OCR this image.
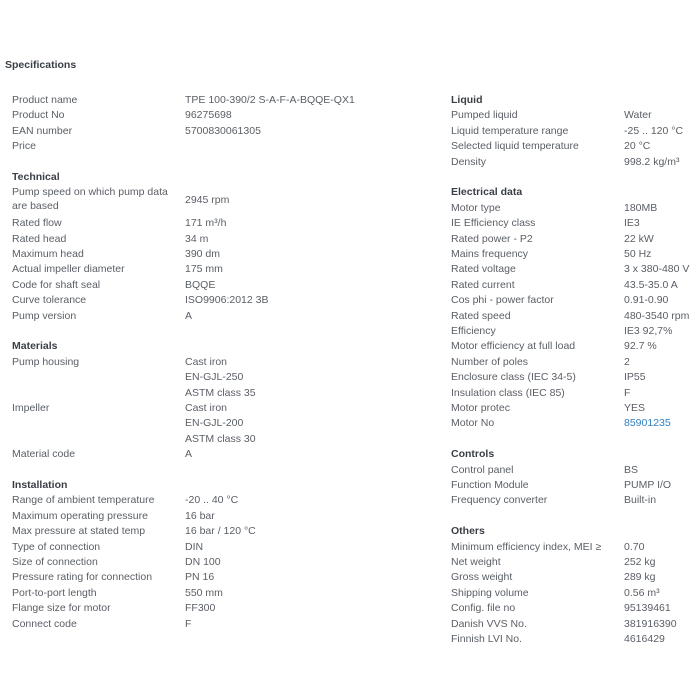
Specifications
Product name	TPE 100-390/2 S-A-F-A-BQQE-QX1
Product No	96275698
EAN number	5700830061305
Price
Technical
Pump speed on which pump data are based	2945 rpm
Rated flow	171 m³/h
Rated head	34 m
Maximum head	390 dm
Actual impeller diameter	175 mm
Code for shaft seal	BQQE
Curve tolerance	ISO9906:2012 3B
Pump version	A
Materials
Pump housing	Cast iron
EN-GJL-250
ASTM class 35
Impeller	Cast iron
EN-GJL-200
ASTM class 30
Material code	A
Installation
Range of ambient temperature	-20 .. 40 °C
Maximum operating pressure	16 bar
Max pressure at stated temp	16 bar / 120 °C
Type of connection	DIN
Size of connection	DN 100
Pressure rating for connection	PN 16
Port-to-port length	550 mm
Flange size for motor	FF300
Connect code	F
Liquid
Pumped liquid	Water
Liquid temperature range	-25 .. 120 °C
Selected liquid temperature	20 °C
Density	998.2 kg/m³
Electrical data
Motor type	180MB
IE Efficiency class	IE3
Rated power - P2	22 kW
Mains frequency	50 Hz
Rated voltage	3 x 380-480 V
Rated current	43.5-35.0 A
Cos phi - power factor	0.91-0.90
Rated speed	480-3540 rpm
Efficiency	IE3 92,7%
Motor efficiency at full load	92.7 %
Number of poles	2
Enclosure class (IEC 34-5)	IP55
Insulation class (IEC 85)	F
Motor protec	YES
Motor No	85901235
Controls
Control panel	BS
Function Module	PUMP I/O
Frequency converter	Built-in
Others
Minimum efficiency index, MEI ≥	0.70
Net weight	252 kg
Gross weight	289 kg
Shipping volume	0.56 m³
Config. file no	95139461
Danish VVS No.	381916390
Finnish LVI No.	4616429
